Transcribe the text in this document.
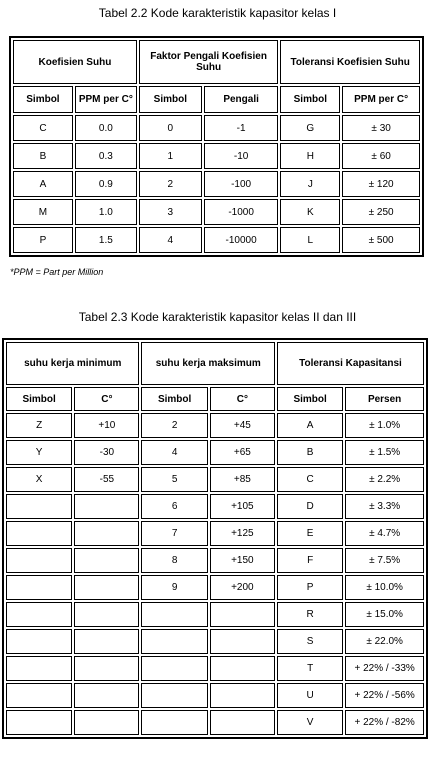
Tabel 2.2 Kode karakteristik kapasitor kelas I
Koefisien Suhu		Faktor Pengali Koefisien Suhu		Toleransi Koefisien Suhu	
Simbol	PPM per C°	Simbol	Pengali	Simbol	PPM per C°
C	0.0	0	-1	G	± 30
B	0.3	1	-10	H	± 60
A	0.9	2	-100	J	± 120
M	1.0	3	-1000	K	± 250
P	1.5	4	-10000	L	± 500
*PPM = Part per Million
Tabel 2.3 Kode karakteristik kapasitor kelas II dan III
suhu kerja minimum		suhu kerja maksimum		Toleransi Kapasitansi	
Simbol	C°	Simbol	C°	Simbol	Persen
Z	+10	2	+45	A	± 1.0%
Y	-30	4	+65	B	± 1.5%
X	-55	5	+85	C	± 2.2%
		6	+105	D	± 3.3%
		7	+125	E	± 4.7%
		8	+150	F	± 7.5%
		9	+200	P	± 10.0%
				R	± 15.0%
				S	± 22.0%
				T	+ 22% / -33%
				U	+ 22% / -56%
				V	+ 22% / -82%
